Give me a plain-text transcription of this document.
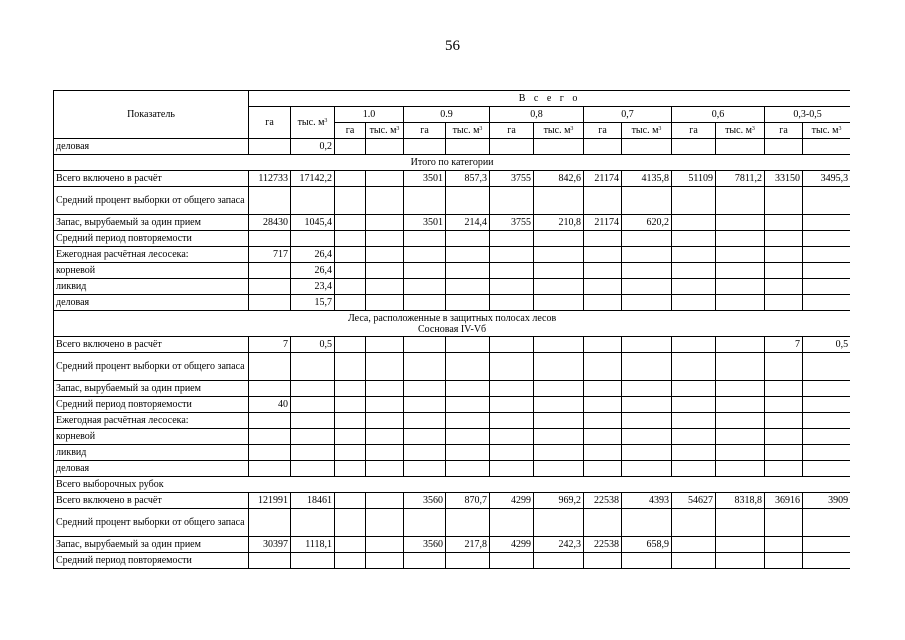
56
Показатель	В с е г о													
	га	тыс. $м^3$	1.0		0.9		0,8		0,7		0,6		0,3-0,5	
			га	тыс. $м^3$	га	тыс. $м^3$	га	тыс. $м^3$	га	тыс. $м^3$	га	тыс. $м^3$	га	тыс. $м^3$
деловая		0,2												

Итого по категории														

Всего включено в расчёт	112733	17142,2			3501	857,3	3755	842,6	21174	4135,8	51109	7811,2	33150	3495,3
Средний процент выборки от общего запаса														
Запас, вырубаемый за один прием	28430	1045,4			3501	214,4	3755	210,8	21174	620,2				
Средний период повторяемости														
Ежегодная расчётная лесосека:	717	26,4												
корневой		26,4												
ликвид		23,4												
деловая		15,7												

Леса, расположенные в защитных полосах лесов
Сосновая IV-Vб														

Всего включено в расчёт	7	0,5											7	0,5
Средний процент выборки от общего запаса														
Запас, вырубаемый за один прием														
Средний период повторяемости	40													
Ежегодная расчётная лесосека:														
корневой														
ликвид														
деловая														
Всего выборочных рубок														
Всего включено в расчёт	121991	18461			3560	870,7	4299	969,2	22538	4393	54627	8318,8	36916	3909
Средний процент выборки от общего запаса														
Запас, вырубаемый за один прием	30397	1118,1			3560	217,8	4299	242,3	22538	658,9				
Средний период повторяемости														
